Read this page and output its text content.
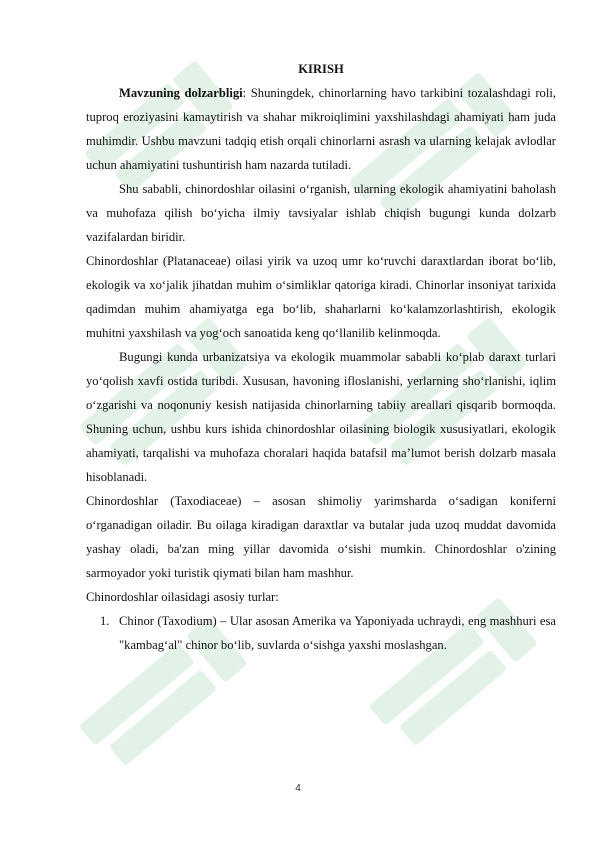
KIRISH

Mavzuning dolzarbligi: Shuningdek, chinorlarning havo tarkibini tozalashdagi roli, tuproq eroziyasini kamaytirish va shahar mikroiqlimini yaxshilashdagi ahamiyati ham juda muhimdir. Ushbu mavzuni tadqiq etish orqali chinorlarni asrash va ularning kelajak avlodlar uchun ahamiyatini tushuntirish ham nazarda tutiladi.

Shu sababli, chinordoshlar oilasini o‘rganish, ularning ekologik ahamiyatini baholash va muhofaza qilish bo‘yicha ilmiy tavsiyalar ishlab chiqish bugungi kunda dolzarb vazifalardan biridir.

Chinordoshlar (Platanaceae) oilasi yirik va uzoq umr ko‘ruvchi daraxtlardan iborat bo‘lib, ekologik va xo‘jalik jihatdan muhim o‘simliklar qatoriga kiradi. Chinorlar insoniyat tarixida qadimdan muhim ahamiyatga ega bo‘lib, shaharlarni ko‘kalamzorlashtirish, ekologik muhitni yaxshilash va yog‘och sanoatida keng qo‘llanilib kelinmoqda.

Bugungi kunda urbanizatsiya va ekologik muammolar sababli ko‘plab daraxt turlari yo‘qolish xavfi ostida turibdi. Xususan, havoning ifloslanishi, yerlarning sho‘rlanishi, iqlim o‘zgarishi va noqonuniy kesish natijasida chinorlarning tabiiy areallari qisqarib bormoqda. Shuning uchun, ushbu kurs ishida chinordoshlar oilasining biologik xususiyatlari, ekologik ahamiyati, tarqalishi va muhofaza choralari haqida batafsil ma’lumot berish dolzarb masala hisoblanadi.

Chinordoshlar (Taxodiaceae) – asosan shimoliy yarimsharda o‘sadigan koniferni o‘rganadigan oiladir. Bu oilaga kiradigan daraxtlar va butalar juda uzoq muddat davomida yashay oladi, ba'zan ming yillar davomida o‘sishi mumkin. Chinordoshlar o'zining sarmoyador yoki turistik qiymati bilan ham mashhur.

Chinordoshlar oilasidagi asosiy turlar:

1. Chinor (Taxodium) – Ular asosan Amerika va Yaponiyada uchraydi, eng mashhuri esa "kambag‘al" chinor bo‘lib, suvlarda o‘sishga yaxshi moslashgan.
4
